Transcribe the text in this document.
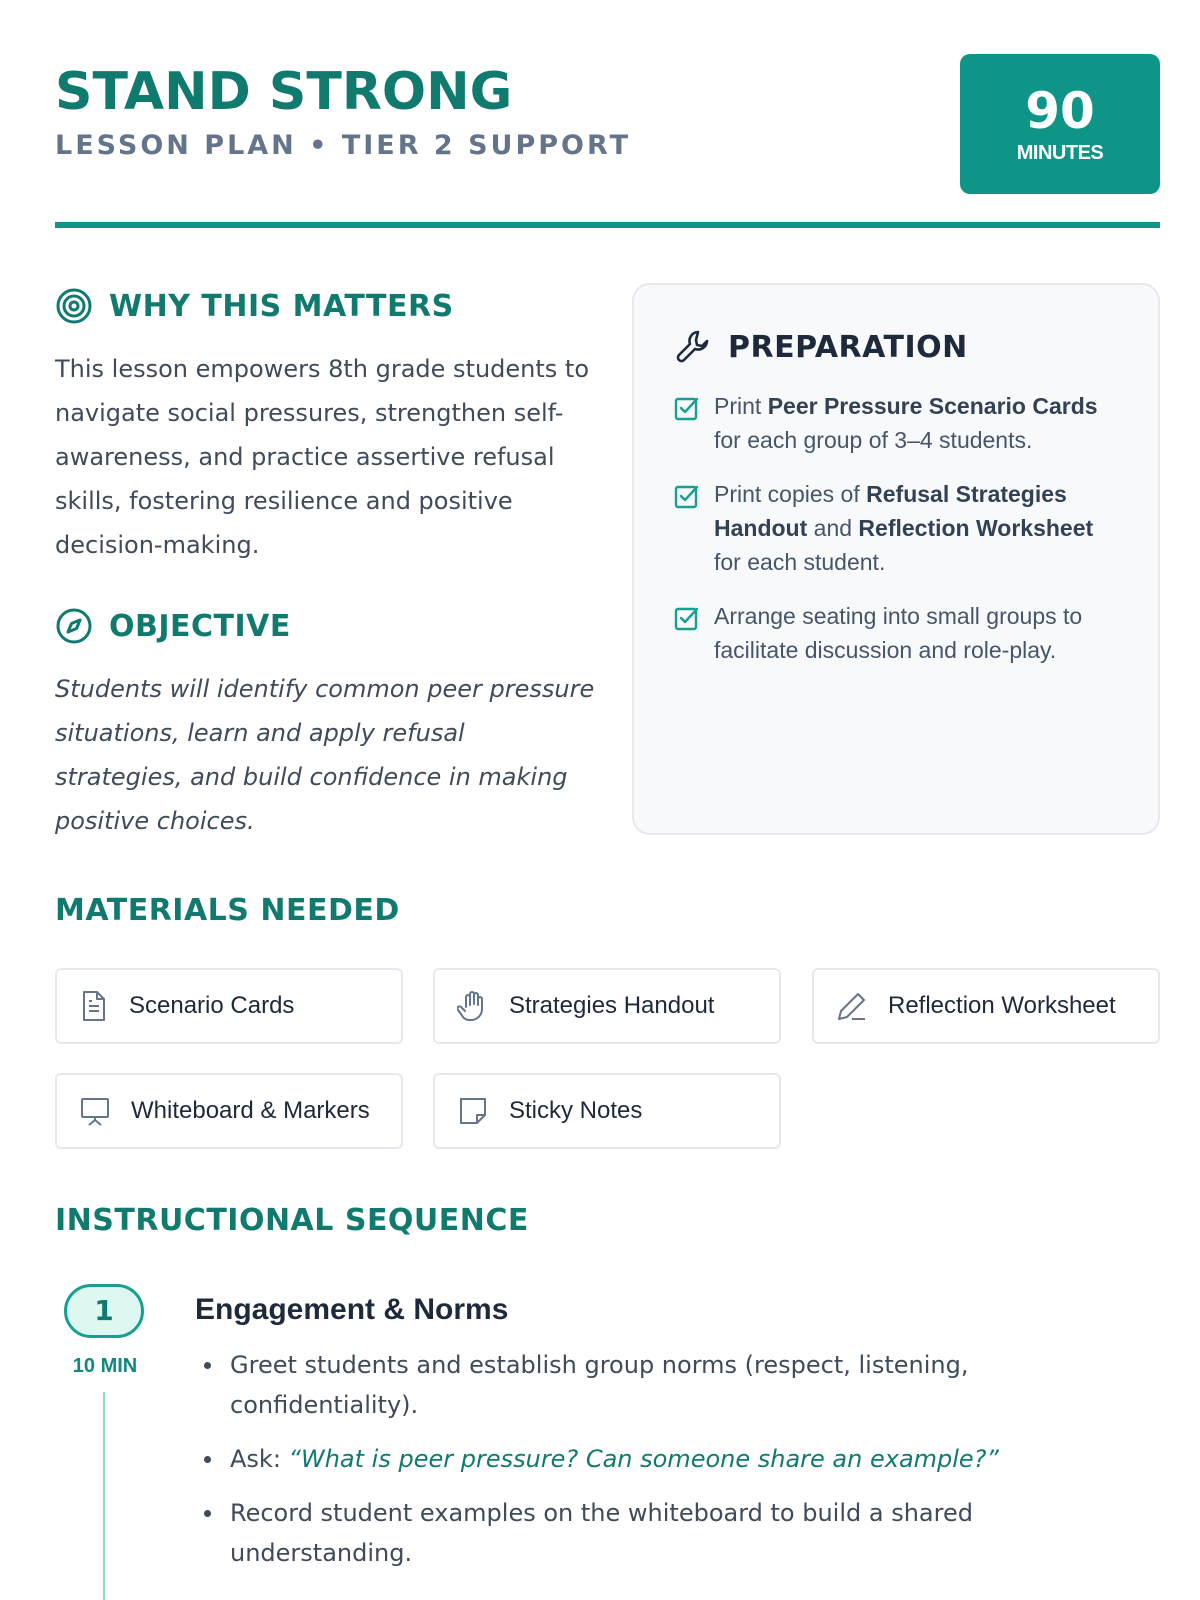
STAND STRONG
LESSON PLAN • TIER 2 SUPPORT
90
MINUTES
WHY THIS MATTERS

This lesson empowers 8th grade students to navigate social pressures, strengthen self-awareness, and practice assertive refusal skills, fostering resilience and positive decision-making.

OBJECTIVE

Students will identify common peer pressure situations, learn and apply refusal strategies, and build confidence in making positive choices.

PREPARATION
Print Peer Pressure Scenario Cards for each group of 3–4 students.
Print copies of Refusal Strategies Handout and Reflection Worksheet for each student.
Arrange seating into small groups to facilitate discussion and role-play.
MATERIALS NEEDED
Scenario Cards	Strategies Handout	Reflection Worksheet
Whiteboard & Markers	Sticky Notes
INSTRUCTIONAL SEQUENCE
1
10 MIN
Engagement & Norms
Greet students and establish group norms (respect, listening, confidentiality).
Ask: “What is peer pressure? Can someone share an example?”
Record student examples on the whiteboard to build a shared understanding.
